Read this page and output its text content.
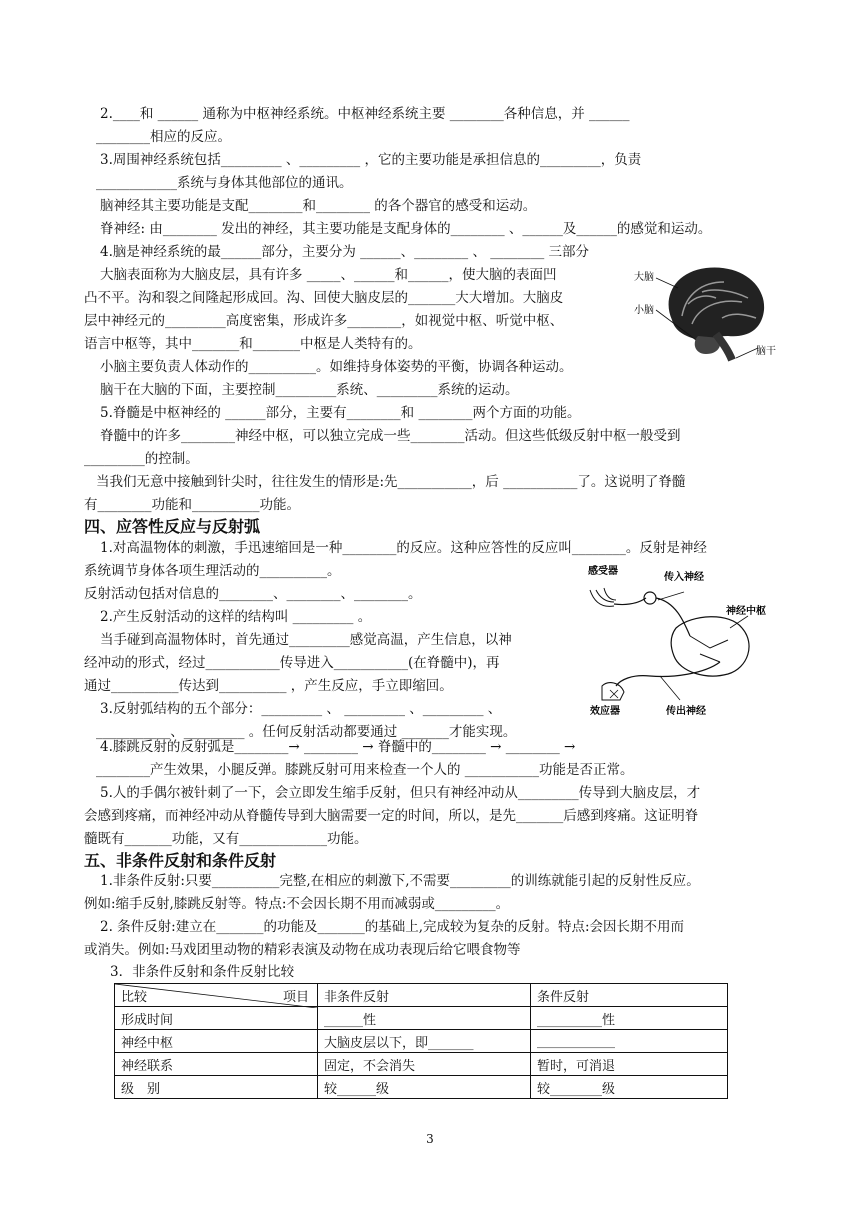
2.____和 ______ 通称为中枢神经系统。中枢神经系统主要 ________各种信息，并 ______
________相应的反应。
3.周围神经系统包括_________ 、_________ ，它的主要功能是承担信息的_________，负责
____________系统与身体其他部位的通讯。
脑神经其主要功能是支配________和________ 的各个器官的感受和运动。
脊神经: 由________ 发出的神经，其主要功能是支配身体的________ 、______及______的感觉和运动。
4.脑是神经系统的最______部分，主要分为 ______、________ 、 ________ 三部分
大脑表面称为大脑皮层，具有许多 _____、______和______，使大脑的表面凹
凸不平。沟和裂之间隆起形成回。沟、回使大脑皮层的_______大大增加。大脑皮
层中神经元的_________高度密集，形成许多________，如视觉中枢、听觉中枢、
语言中枢等，其中_______和_______中枢是人类特有的。
小脑主要负责人体动作的__________。如维持身体姿势的平衡，协调各种运动。
脑干在大脑的下面，主要控制_________系统、_________系统的运动。
5.脊髓是中枢神经的 ______部分，主要有________和 ________两个方面的功能。
脊髓中的许多________神经中枢，可以独立完成一些________活动。但这些低级反射中枢一般受到
_________的控制。
当我们无意中接触到针尖时，往往发生的情形是:先___________，后 ___________了。这说明了脊髓
有________功能和__________功能。
大脑
小脑
脑干
四、应答性反应与反射弧
1.对高温物体的刺激，手迅速缩回是一种________的反应。这种应答性的反应叫________。反射是神经
系统调节身体各项生理活动的__________。
反射活动包括对信息的________、________、________。
2.产生反射活动的这样的结构叫 _________ 。
当手碰到高温物体时，首先通过_________感觉高温，产生信息，以神
经冲动的形式，经过___________传导进入___________(在脊髓中)，再
通过__________传达到__________ ，产生反应，手立即缩回。
3.反射弧结构的五个部分：_________ 、 _________ 、_________ 、
___________、_________ 。任何反射活动都要通过 _______才能实现。
感受器
传入神经
神经中枢
效应器	传出神经
4.膝跳反射的反射弧是________→ ________ → 脊髓中的________ → ________ →
________产生效果，小腿反弹。膝跳反射可用来检查一个人的 ___________功能是否正常。
5.人的手偶尔被针刺了一下，会立即发生缩手反射，但只有神经冲动从_________传导到大脑皮层，才
会感到疼痛，而神经冲动从脊髓传导到大脑需要一定的时间，所以，是先_______后感到疼痛。这证明脊
髓既有_______功能，又有_____________功能。
五、非条件反射和条件反射
1.非条件反射:只要__________完整,在相应的刺激下,不需要_________的训练就能引起的反射性反应。
例如:缩手反射,膝跳反射等。特点:不会因长期不用而减弱或_________。
2. 条件反射:建立在_______的功能及_______的基础上,完成较为复杂的反射。特点:会因长期不用而
或消失。例如:马戏团里动物的精彩表演及动物在成功表现后给它喂食物等
3．非条件反射和条件反射比较
比较 项目	非条件反射	条件反射
形成时间	______性	__________性
神经中枢	大脑皮层以下，即_______	____________
神经联系	固定，不会消失	暂时，可消退
级　别	较______级	较________级
3
